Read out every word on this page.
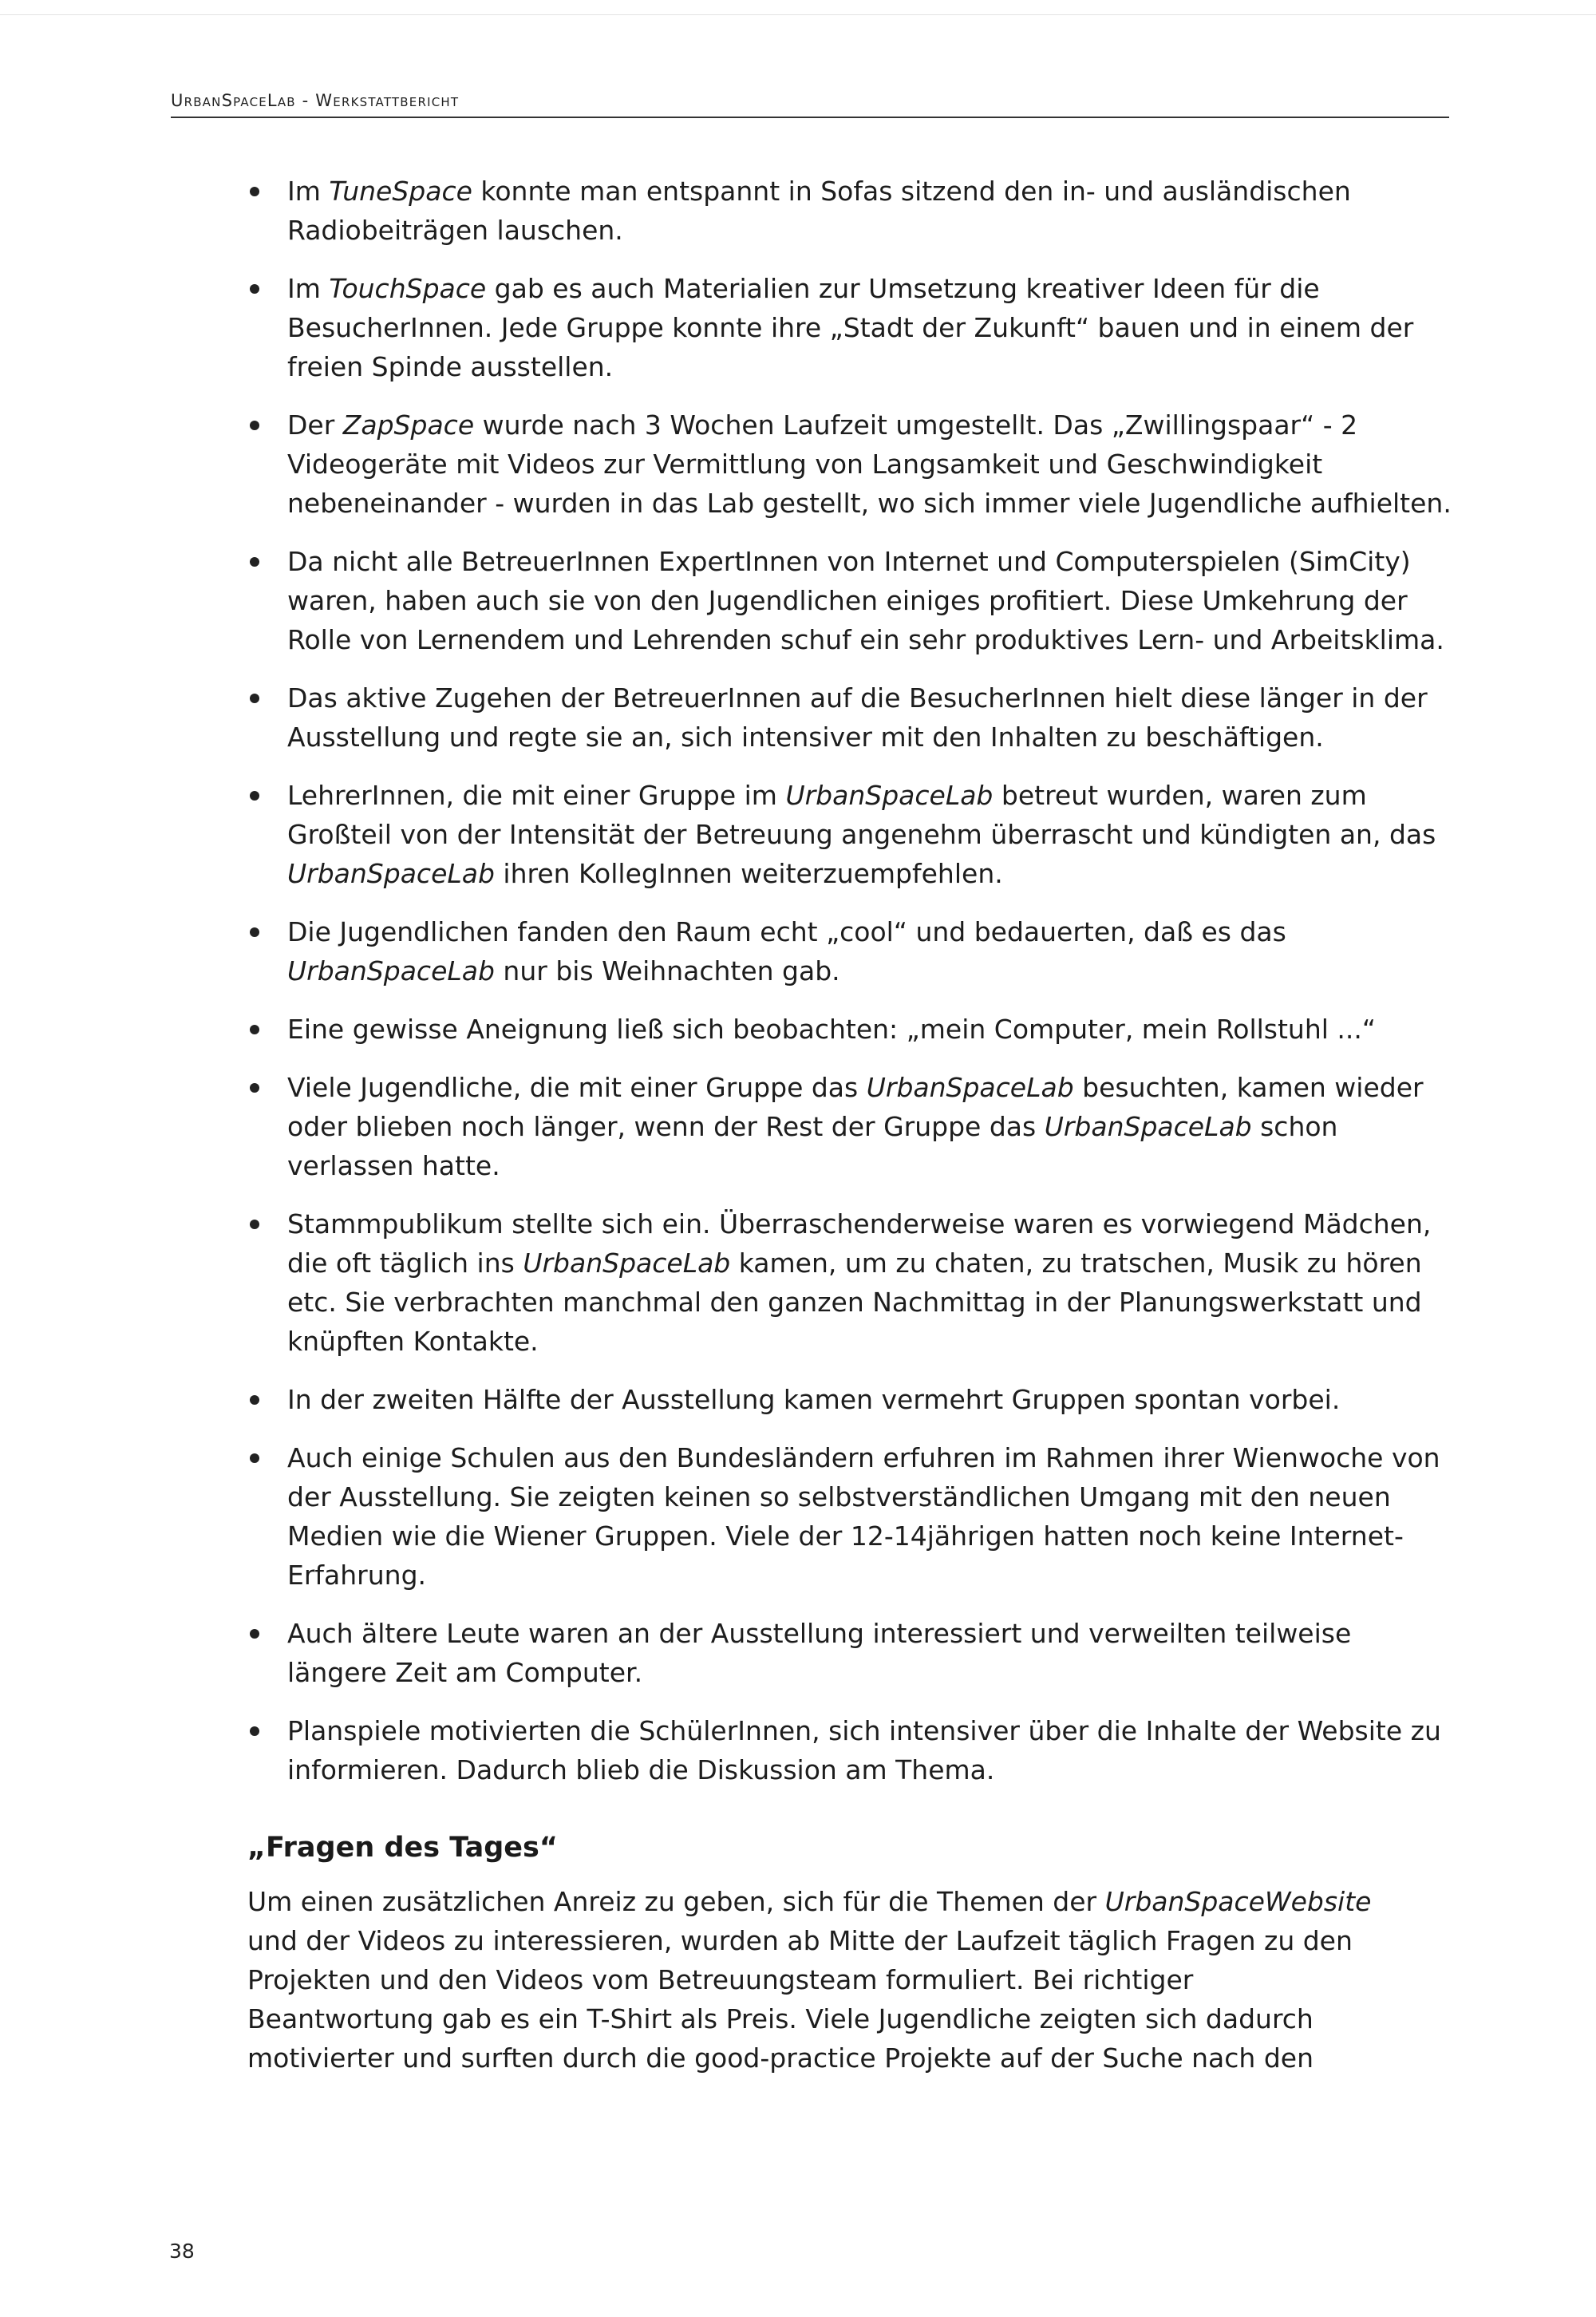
UrbanSpaceLab - Werkstattbericht
Im TuneSpace konnte man entspannt in Sofas sitzend den in- und ausländischen Radiobeiträgen lauschen.
Im TouchSpace gab es auch Materialien zur Umsetzung kreativer Ideen für die BesucherInnen. Jede Gruppe konnte ihre „Stadt der Zukunft“ bauen und in einem der freien Spinde ausstellen.
Der ZapSpace wurde nach 3 Wochen Laufzeit umgestellt. Das „Zwillingspaar“ - 2 Videogeräte mit Videos zur Vermittlung von Langsamkeit und Geschwindigkeit nebeneinander - wurden in das Lab gestellt, wo sich immer viele Jugendliche aufhielten.
Da nicht alle BetreuerInnen ExpertInnen von Internet und Computerspielen (SimCity) waren, haben auch sie von den Jugendlichen einiges profitiert. Diese Umkehrung der Rolle von Lernendem und Lehrenden schuf ein sehr produktives Lern- und Arbeitsklima.
Das aktive Zugehen der BetreuerInnen auf die BesucherInnen hielt diese länger in der Ausstellung und regte sie an, sich intensiver mit den Inhalten zu beschäftigen.
LehrerInnen, die mit einer Gruppe im UrbanSpaceLab betreut wurden, waren zum Großteil von der Intensität der Betreuung angenehm überrascht und kündigten an, das UrbanSpaceLab ihren KollegInnen weiterzuempfehlen.
Die Jugendlichen fanden den Raum echt „cool“ und bedauerten, daß es das UrbanSpaceLab nur bis Weihnachten gab.
Eine gewisse Aneignung ließ sich beobachten: „mein Computer, mein Rollstuhl ...“
Viele Jugendliche, die mit einer Gruppe das UrbanSpaceLab besuchten, kamen wieder oder blieben noch länger, wenn der Rest der Gruppe das UrbanSpaceLab schon verlassen hatte.
Stammpublikum stellte sich ein. Überraschenderweise waren es vorwiegend Mädchen, die oft täglich ins UrbanSpaceLab kamen, um zu chaten, zu tratschen, Musik zu hören etc. Sie verbrachten manchmal den ganzen Nachmittag in der Planungswerkstatt und knüpften Kontakte.
In der zweiten Hälfte der Ausstellung kamen vermehrt Gruppen spontan vorbei.
Auch einige Schulen aus den Bundesländern erfuhren im Rahmen ihrer Wienwoche von der Ausstellung. Sie zeigten keinen so selbstverständlichen Umgang mit den neuen Medien wie die Wiener Gruppen. Viele der 12-14jährigen hatten noch keine Internet-Erfahrung.
Auch ältere Leute waren an der Ausstellung interessiert und verweilten teilweise längere Zeit am Computer.
Planspiele motivierten die SchülerInnen, sich intensiver über die Inhalte der Website zu informieren. Dadurch blieb die Diskussion am Thema.
„Fragen des Tages“

Um einen zusätzlichen Anreiz zu geben, sich für die Themen der UrbanSpaceWebsite und der Videos zu interessieren, wurden ab Mitte der Laufzeit täglich Fragen zu den Projekten und den Videos vom Betreuungsteam formuliert. Bei richtiger Beantwortung gab es ein T-Shirt als Preis. Viele Jugendliche zeigten sich dadurch motivierter und surften durch die good-practice Projekte auf der Suche nach den

38
